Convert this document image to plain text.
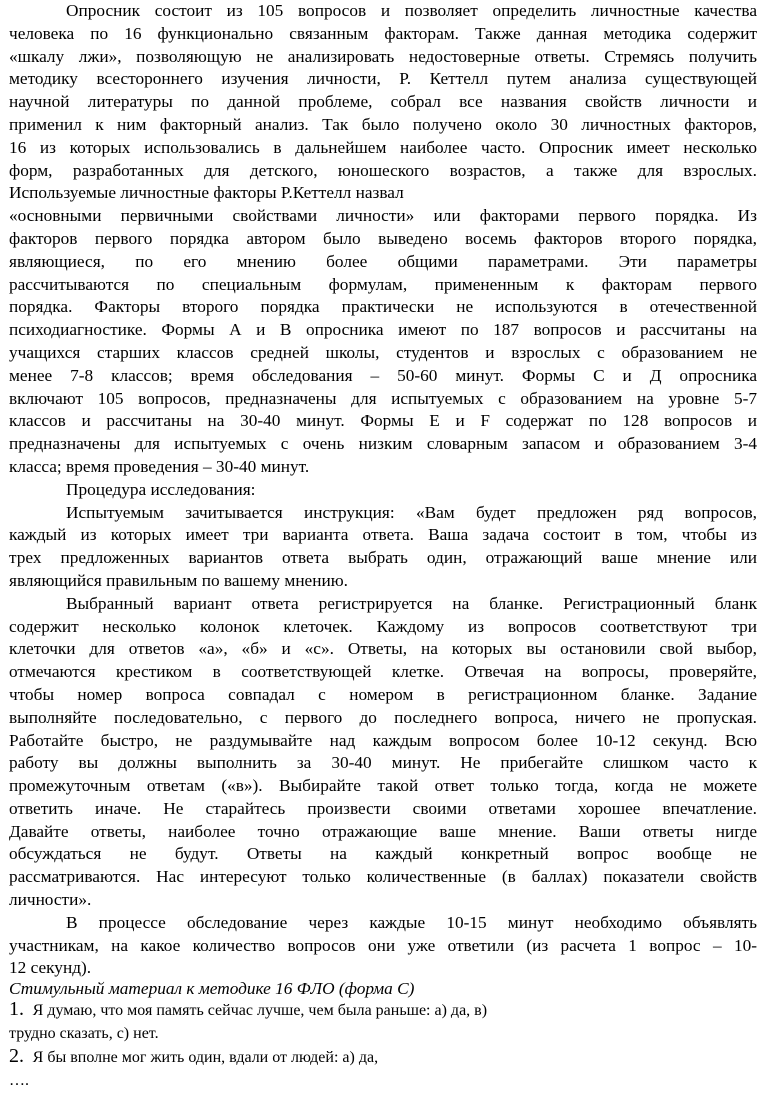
Опросник состоит из 105 вопросов и позволяет определить личностные качества
человека по 16 функционально связанным факторам. Также данная методика содержит
«шкалу лжи», позволяющую не анализировать недостоверные ответы. Стремясь получить
методику всестороннего изучения личности, Р. Кеттелл путем анализа существующей
научной литературы по данной проблеме, собрал все названия свойств личности и
применил к ним факторный анализ. Так было получено около 30 личностных факторов,
16 из которых использовались в дальнейшем наиболее часто. Опросник имеет несколько
форм, разработанных для детского, юношеского возрастов, а также для взрослых.
Используемые личностные факторы Р.Кеттелл назвал
«основными первичными свойствами личности» или факторами первого порядка. Из
факторов первого порядка автором было выведено восемь факторов второго порядка,
являющиеся, по его мнению более общими параметрами. Эти параметры
рассчитываются по специальным формулам, примененным к факторам первого
порядка. Факторы второго порядка практически не используются в отечественной
психодиагностике. Формы А и В опросника имеют по 187 вопросов и рассчитаны на
учащихся старших классов средней школы, студентов и взрослых с образованием не
менее 7-8 классов; время обследования – 50-60 минут. Формы С и Д опросника
включают 105 вопросов, предназначены для испытуемых с образованием на уровне 5-7
классов и рассчитаны на 30-40 минут. Формы Е и F содержат по 128 вопросов и
предназначены для испытуемых с очень низким словарным запасом и образованием 3-4
класса; время проведения – 30-40 минут.
Процедура исследования:
Испытуемым зачитывается инструкция: «Вам будет предложен ряд вопросов,
каждый из которых имеет три варианта ответа. Ваша задача состоит в том, чтобы из
трех предложенных вариантов ответа выбрать один, отражающий ваше мнение или
являющийся правильным по вашему мнению.
Выбранный вариант ответа регистрируется на бланке. Регистрационный бланк
содержит несколько колонок клеточек. Каждому из вопросов соответствуют три
клеточки для ответов «а», «б» и «с». Ответы, на которых вы остановили свой выбор,
отмечаются крестиком в соответствующей клетке. Отвечая на вопросы, проверяйте,
чтобы номер вопроса совпадал с номером в регистрационном бланке. Задание
выполняйте последовательно, с первого до последнего вопроса, ничего не пропуская.
Работайте быстро, не раздумывайте над каждым вопросом более 10-12 секунд. Всю
работу вы должны выполнить за 30-40 минут. Не прибегайте слишком часто к
промежуточным ответам («в»). Выбирайте такой ответ только тогда, когда не можете
ответить иначе. Не старайтесь произвести своими ответами хорошее впечатление.
Давайте ответы, наиболее точно отражающие ваше мнение. Ваши ответы нигде
обсуждаться не будут. Ответы на каждый конкретный вопрос вообще не
рассматриваются. Нас интересуют только количественные (в баллах) показатели свойств
личности».
В процессе обследование через каждые 10-15 минут необходимо объявлять
участникам, на какое количество вопросов они уже ответили (из расчета 1 вопрос – 10-
12 секунд).
Стимульный материал к методике 16 ФЛО (форма С)
1. Я думаю, что моя память сейчас лучше, чем была раньше: а) да, в)
трудно сказать, с) нет.
2. Я бы вполне мог жить один, вдали от людей: а) да,
….
